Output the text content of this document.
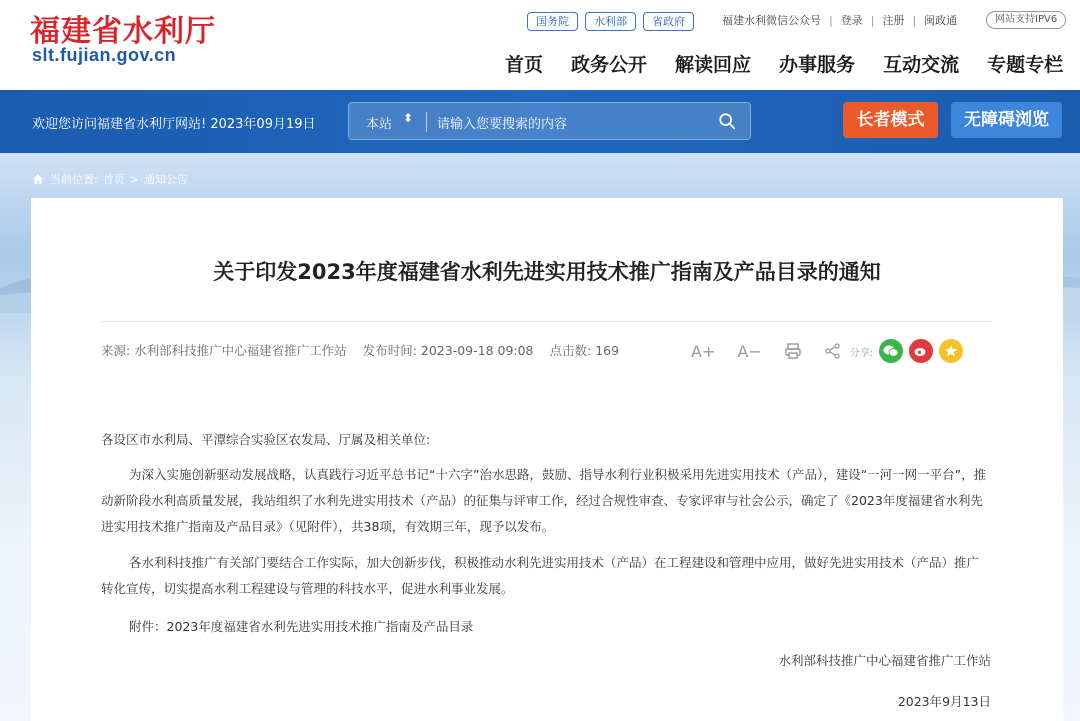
福建省水利厅
slt.fujian.gov.cn
国务院	水利部	省政府	福建水利微信公众号 | 登录 | 注册 | 闽政通	网站支持IPV6
首页 政务公开 解读回应 办事服务 互动交流 专题专栏
欢迎您访问福建省水利厅网站! 2023年09月19日	本站 ⬍ 请输入您要搜索的内容	长者模式	无障碍浏览
当前位置: 首页 > 通知公告
关于印发2023年度福建省水利先进实用技术推广指南及产品目录的通知
来源: 水利部科技推广中心福建省推广工作站 发布时间: 2023-09-18 09:08 点击数: 169	A+ A−	分享:

各设区市水利局、平潭综合实验区农发局、厅属及相关单位:

为深入实施创新驱动发展战略，认真践行习近平总书记“十六字”治水思路，鼓励、指导水利行业积极采用先进实用技术（产品），建设“一河一网一平台”，推动新阶段水利高质量发展，我站组织了水利先进实用技术（产品）的征集与评审工作，经过合规性审查、专家评审与社会公示，确定了《2023年度福建省水利先进实用技术推广指南及产品目录》（见附件），共38项，有效期三年，现予以发布。

各水利科技推广有关部门要结合工作实际，加大创新步伐，积极推动水利先进实用技术（产品）在工程建设和管理中应用，做好先进实用技术（产品）推广转化宣传，切实提高水利工程建设与管理的科技水平，促进水利事业发展。

附件：2023年度福建省水利先进实用技术推广指南及产品目录

水利部科技推广中心福建省推广工作站
2023年9月13日
